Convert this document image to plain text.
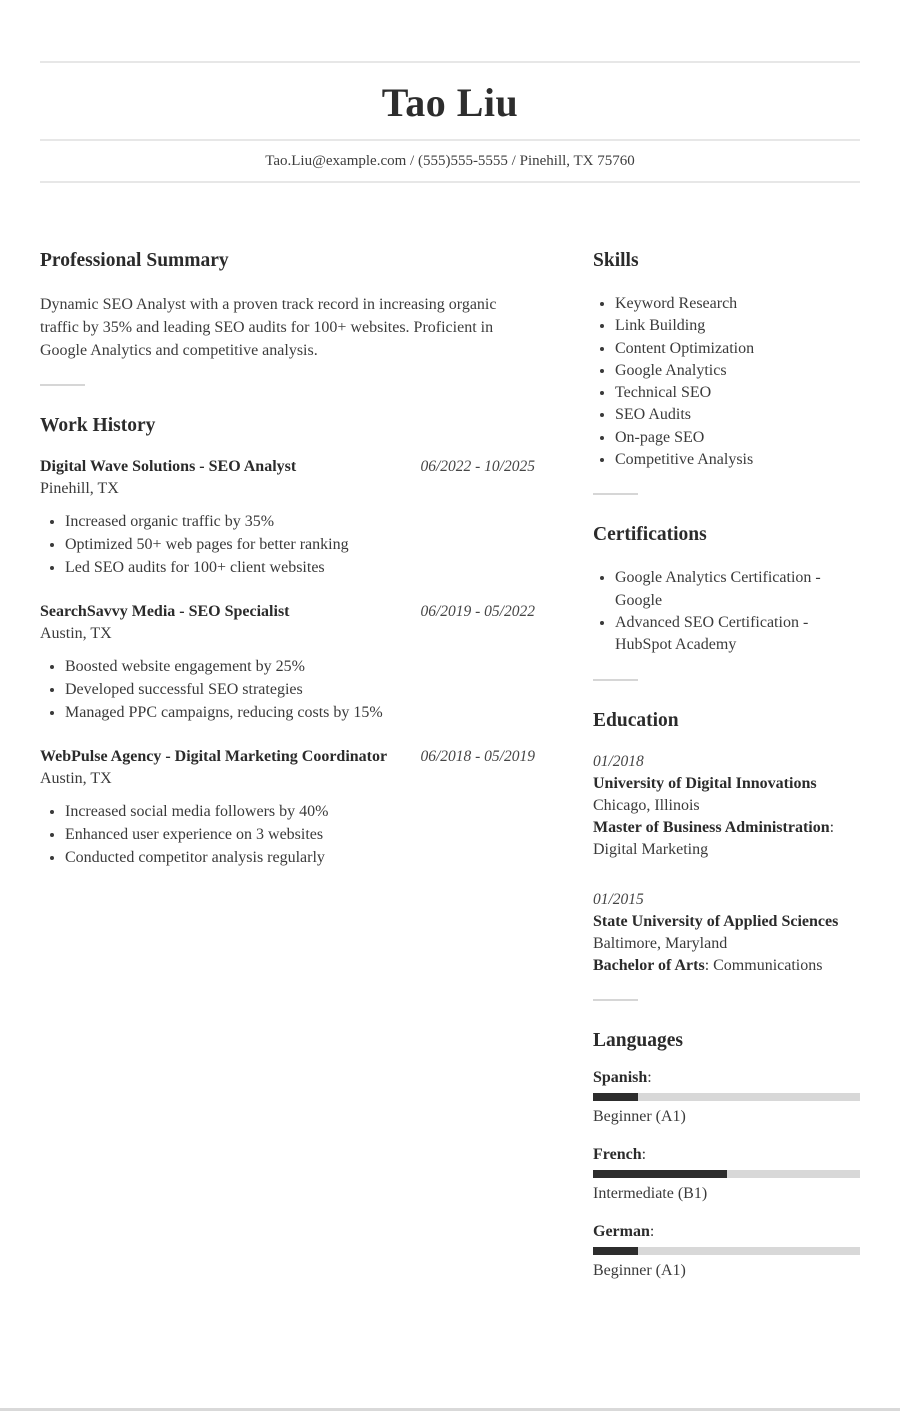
Tao Liu
Tao.Liu@example.com / (555)555-5555 / Pinehill, TX 75760
Professional Summary

Dynamic SEO Analyst with a proven track record in increasing organic traffic by 35% and leading SEO audits for 100+ websites. Proficient in Google Analytics and competitive analysis.

Work History
Digital Wave Solutions - SEO Analyst	06/2022 - 10/2025
Pinehill, TX
• Increased organic traffic by 35%
• Optimized 50+ web pages for better ranking
• Led SEO audits for 100+ client websites
SearchSavvy Media - SEO Specialist	06/2019 - 05/2022
Austin, TX
• Boosted website engagement by 25%
• Developed successful SEO strategies
• Managed PPC campaigns, reducing costs by 15%
WebPulse Agency - Digital Marketing Coordinator 06/2018 - 05/2019
Austin, TX
• Increased social media followers by 40%
• Enhanced user experience on 3 websites
• Conducted competitor analysis regularly
Skills
• Keyword Research
• Link Building
• Content Optimization
• Google Analytics
• Technical SEO
• SEO Audits
• On-page SEO
• Competitive Analysis
Certifications
• Google Analytics Certification - Google
• Advanced SEO Certification - HubSpot Academy
Education
01/2018
University of Digital Innovations
Chicago, Illinois
Master of Business Administration: Digital Marketing
01/2015
State University of Applied Sciences
Baltimore, Maryland
Bachelor of Arts: Communications
Languages
Spanish:
Beginner (A1)
French:
Intermediate (B1)
German:
Beginner (A1)
